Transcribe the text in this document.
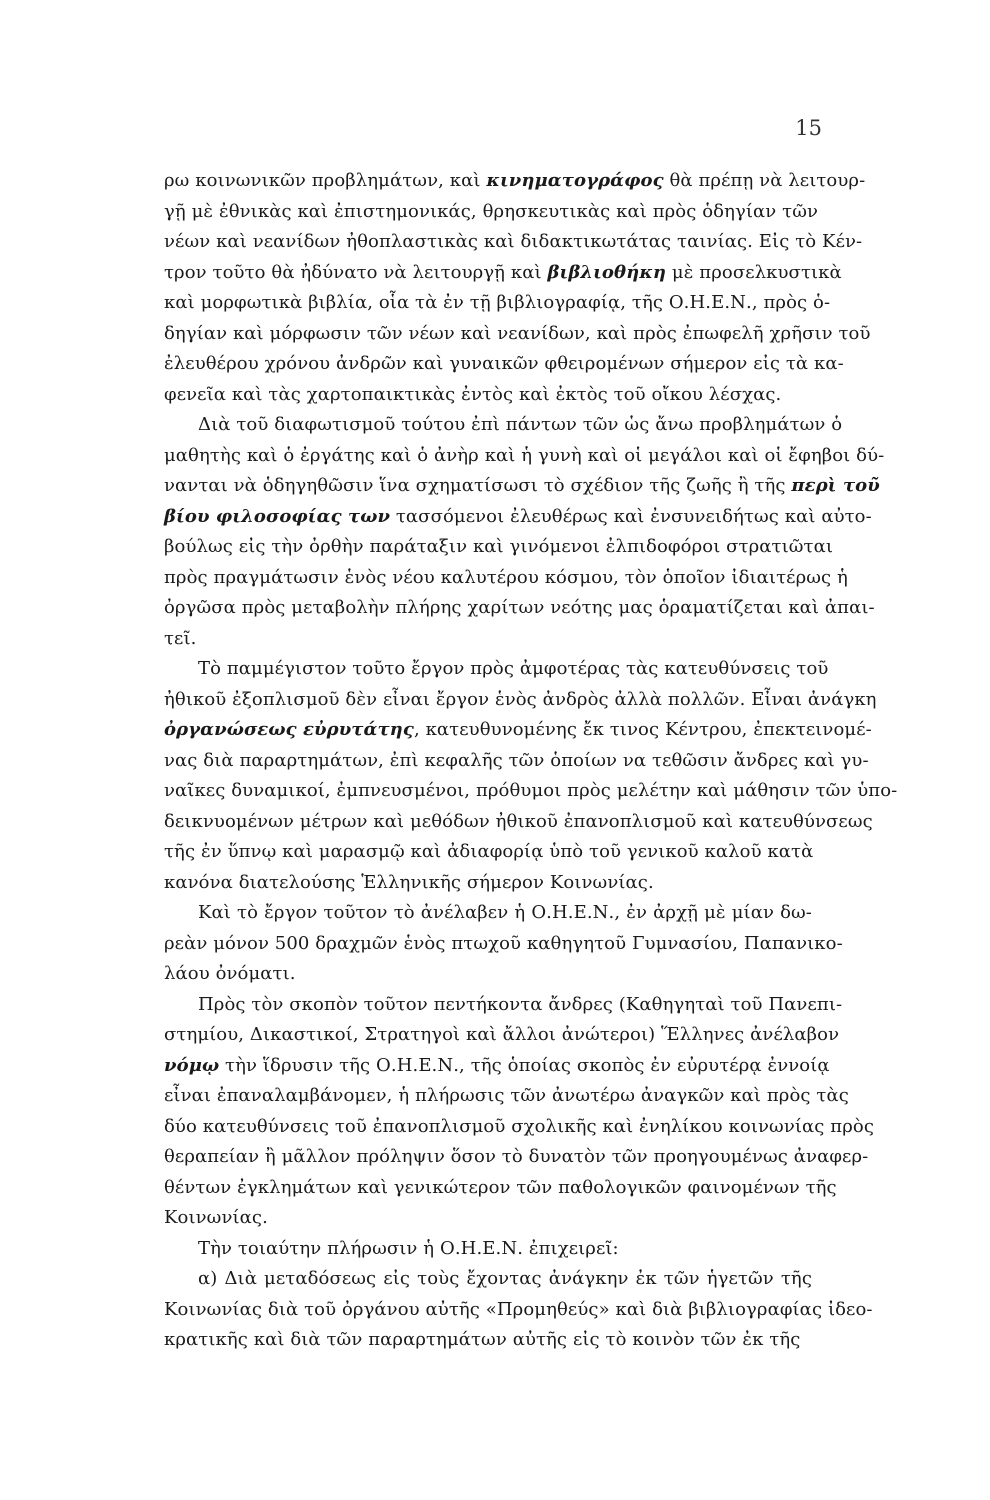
15
ρω κοινωνικῶν προβλημάτων, καὶ κινηματογράφος θὰ πρέπῃ νὰ λειτουρ-
γῇ μὲ ἐθνικὰς καὶ ἐπιστημονικάς, θρησκευτικὰς καὶ πρὸς ὁδηγίαν τῶν
νέων καὶ νεανίδων ἠθοπλαστικὰς καὶ διδακτικωτάτας ταινίας. Εἰς τὸ Κέν-
τρον τοῦτο θὰ ἠδύνατο νὰ λειτουργῇ καὶ βιβλιοθήκη μὲ προσελκυστικὰ
καὶ μορφωτικὰ βιβλία, οἷα τὰ ἐν τῇ βιβλιογραφίᾳ, τῆς Ο.Η.Ε.Ν., πρὸς ὁ-
δηγίαν καὶ μόρφωσιν τῶν νέων καὶ νεανίδων, καὶ πρὸς ἐπωφελῆ χρῆσιν τοῦ
ἐλευθέρου χρόνου ἀνδρῶν καὶ γυναικῶν φθειρομένων σήμερον εἰς τὰ κα-
φενεῖα καὶ τὰς χαρτοπαικτικὰς ἐντὸς καὶ ἐκτὸς τοῦ οἴκου λέσχας.
Διὰ τοῦ διαφωτισμοῦ τούτου ἐπὶ πάντων τῶν ὡς ἄνω προβλημάτων ὁ
μαθητὴς καὶ ὁ ἐργάτης καὶ ὁ ἀνὴρ καὶ ἡ γυνὴ καὶ οἱ μεγάλοι καὶ οἱ ἔφηβοι δύ-
νανται νὰ ὁδηγηθῶσιν ἵνα σχηματίσωσι τὸ σχέδιον τῆς ζωῆς ἢ τῆς περὶ τοῦ
βίου φιλοσοφίας των τασσόμενοι ἐλευθέρως καὶ ἐνσυνειδήτως καὶ αὐτο-
βούλως εἰς τὴν ὀρθὴν παράταξιν καὶ γινόμενοι ἐλπιδοφόροι στρατιῶται
πρὸς πραγμάτωσιν ἑνὸς νέου καλυτέρου κόσμου, τὸν ὁποῖον ἰδιαιτέρως ἡ
ὀργῶσα πρὸς μεταβολὴν πλήρης χαρίτων νεότης μας ὁραματίζεται καὶ ἀπαι-
τεῖ.
Τὸ παμμέγιστον τοῦτο ἔργον πρὸς ἀμφοτέρας τὰς κατευθύνσεις τοῦ
ἠθικοῦ ἐξοπλισμοῦ δὲν εἶναι ἔργον ἑνὸς ἀνδρὸς ἀλλὰ πολλῶν. Εἶναι ἀνάγκη
ὀργανώσεως εὐρυτάτης, κατευθυνομένης ἔκ τινος Κέντρου, ἐπεκτεινομέ-
νας διὰ παραρτημάτων, ἐπὶ κεφαλῆς τῶν ὁποίων να τεθῶσιν ἄνδρες καὶ γυ-
ναῖκες δυναμικοί, ἐμπνευσμένοι, πρόθυμοι πρὸς μελέτην καὶ μάθησιν τῶν ὑπο-
δεικνυομένων μέτρων καὶ μεθόδων ἠθικοῦ ἐπανοπλισμοῦ καὶ κατευθύνσεως
τῆς ἐν ὕπνῳ καὶ μαρασμῷ καὶ ἀδιαφορίᾳ ὑπὸ τοῦ γενικοῦ καλοῦ κατὰ
κανόνα διατελούσης Ἑλληνικῆς σήμερον Κοινωνίας.
Καὶ τὸ ἔργον τοῦτον τὸ ἀνέλαβεν ἡ Ο.Η.Ε.Ν., ἐν ἀρχῇ μὲ μίαν δω-
ρεὰν μόνον 500 δραχμῶν ἑνὸς πτωχοῦ καθηγητοῦ Γυμνασίου, Παπανικο-
λάου ὀνόματι.
Πρὸς τὸν σκοπὸν τοῦτον πεντήκοντα ἄνδρες (Καθηγηταὶ τοῦ Πανεπι-
στημίου, Δικαστικοί, Στρατηγοὶ καὶ ἄλλοι ἀνώτεροι) Ἕλληνες ἀνέλαβον
νόμῳ τὴν ἵδρυσιν τῆς Ο.Η.Ε.Ν., τῆς ὁποίας σκοπὸς ἐν εὐρυτέρᾳ ἐννοίᾳ
εἶναι ἐπαναλαμβάνομεν, ἡ πλήρωσις τῶν ἀνωτέρω ἀναγκῶν καὶ πρὸς τὰς
δύο κατευθύνσεις τοῦ ἐπανοπλισμοῦ σχολικῆς καὶ ἐνηλίκου κοινωνίας πρὸς
θεραπείαν ἢ μᾶλλον πρόληψιν ὅσον τὸ δυνατὸν τῶν προηγουμένως ἀναφερ-
θέντων ἐγκλημάτων καὶ γενικώτερον τῶν παθολογικῶν φαινομένων τῆς
Κοινωνίας.
Τὴν τοιαύτην πλήρωσιν ἡ Ο.Η.Ε.Ν. ἐπιχειρεῖ:
α) Διὰ μεταδόσεως εἰς τοὺς ἔχοντας ἀνάγκην ἐκ τῶν ἡγετῶν τῆς
Κοινωνίας διὰ τοῦ ὀργάνου αὐτῆς «Προμηθεύς» καὶ διὰ βιβλιογραφίας ἰδεο-
κρατικῆς καὶ διὰ τῶν παραρτημάτων αὐτῆς εἰς τὸ κοινὸν τῶν ἐκ τῆς
